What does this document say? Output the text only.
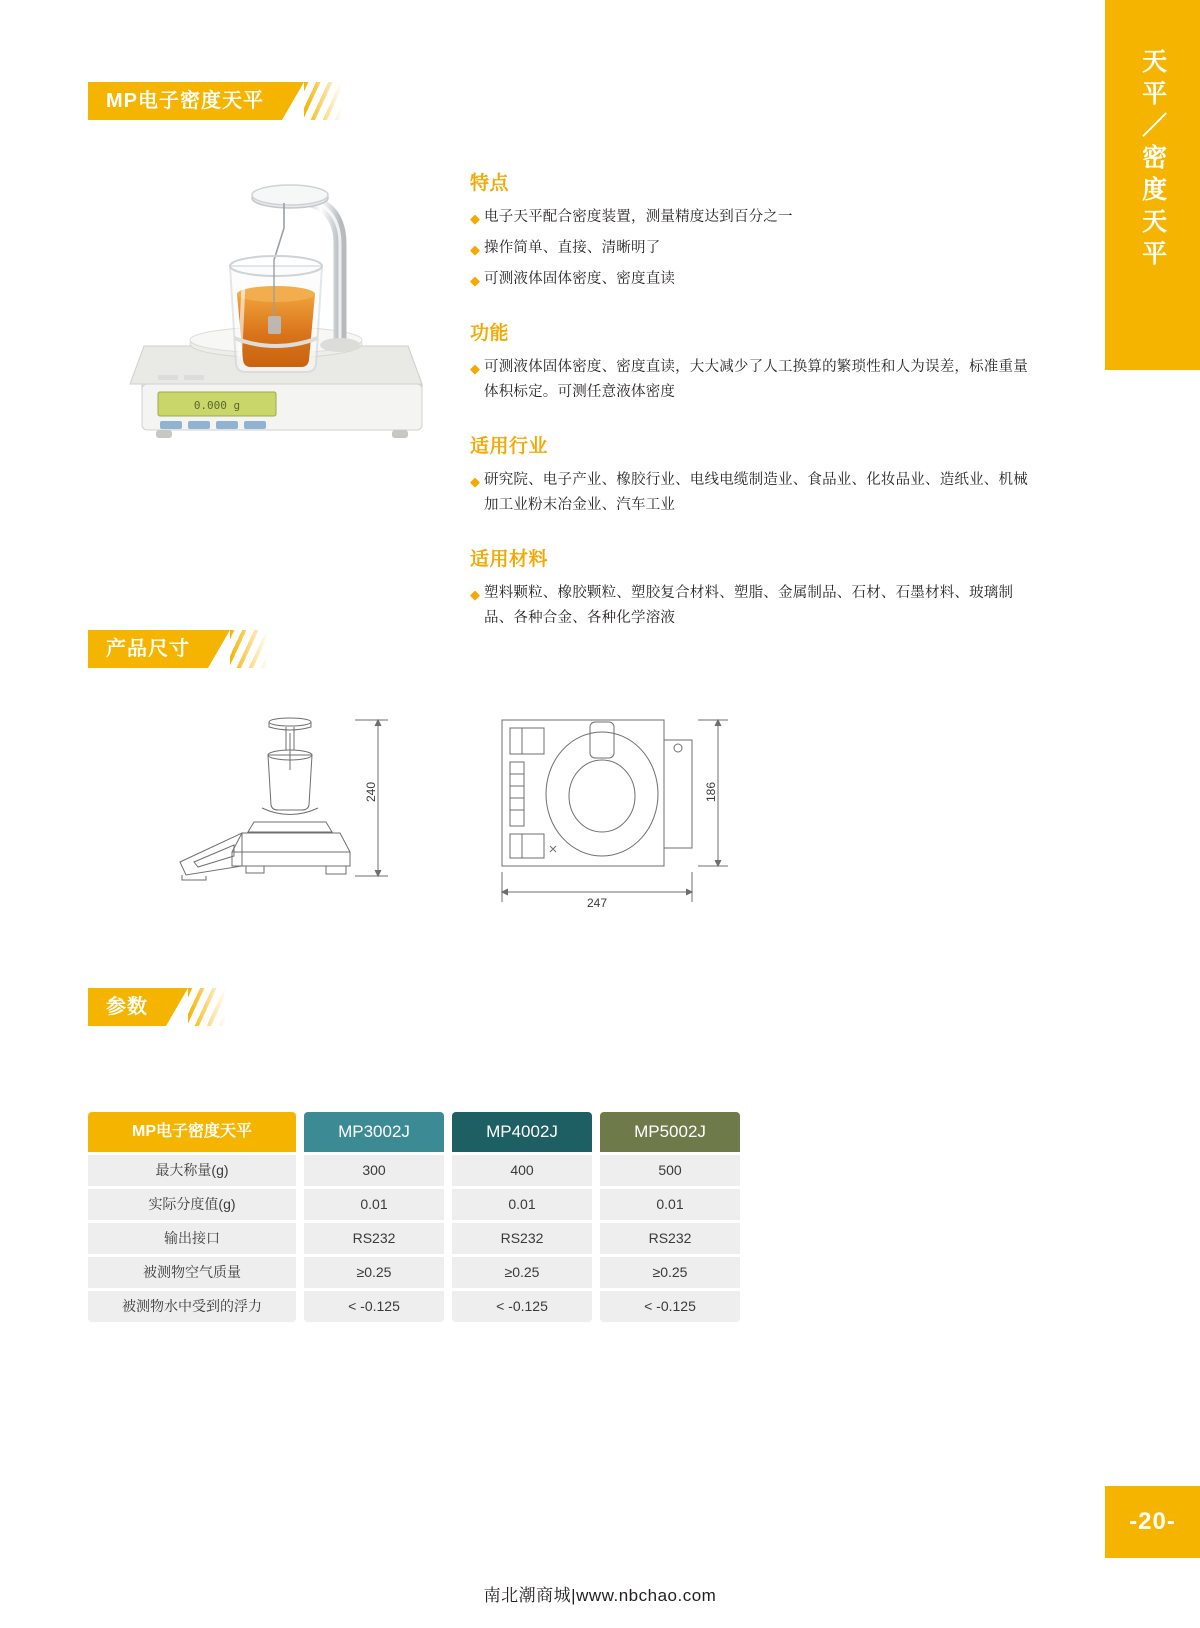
天平／密度天平
MP电子密度天平
0.000 g
特点

◆ 电子天平配合密度装置，测量精度达到百分之一

◆ 操作简单、直接、清晰明了

◆ 可测液体固体密度、密度直读

功能

◆ 可测液体固体密度、密度直读，大大减少了人工换算的繁琐性和人为误差，标准重量体积标定。可测任意液体密度

适用行业

◆ 研究院、电子产业、橡胶行业、电线电缆制造业、食品业、化妆品业、造纸业、机械加工业粉末冶金业、汽车工业

适用材料

◆ 塑料颗粒、橡胶颗粒、塑胶复合材料、塑脂、金属制品、石材、石墨材料、玻璃制品、各种合金、各种化学溶液

产品尺寸
240	186
247
参数
MP电子密度天平	MP3002J	MP4002J	MP5002J
最大称量(g)	300	400	500
实际分度值(g)	0.01	0.01	0.01
输出接口	RS232	RS232	RS232
被测物空气质量	≥0.25	≥0.25	≥0.25
被测物水中受到的浮力	< -0.125	< -0.125	< -0.125
-20-
南北潮商城|www.nbchao.com
